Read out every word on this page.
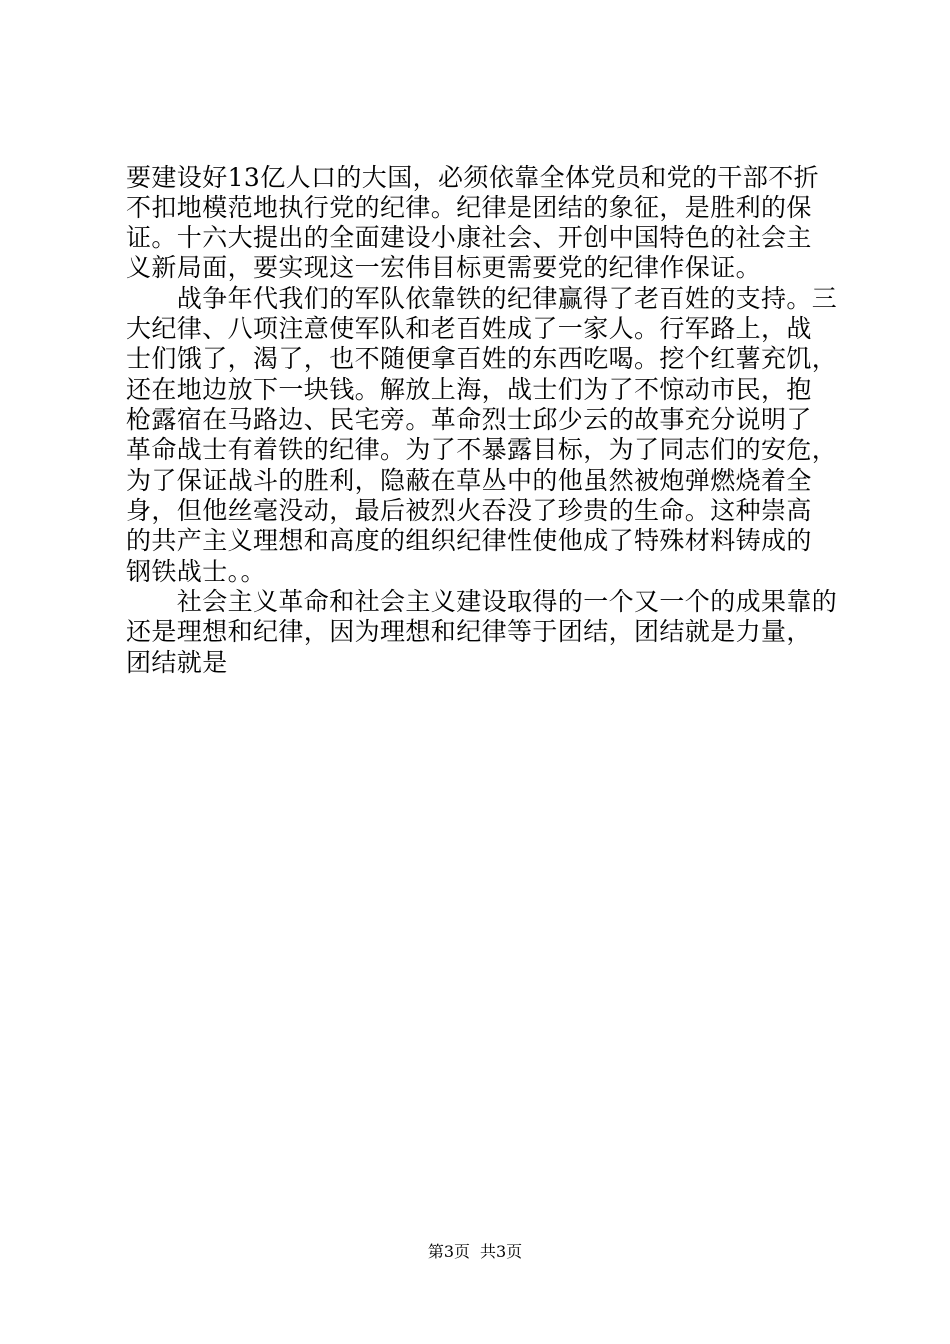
要建设好13亿人口的大国，必须依靠全体党员和党的干部不折
不扣地模范地执行党的纪律。纪律是团结的象征，是胜利的保
证。十六大提出的全面建设小康社会、开创中国特色的社会主
义新局面，要实现这一宏伟目标更需要党的纪律作保证。
　　战争年代我们的军队依靠铁的纪律赢得了老百姓的支持。三
大纪律、八项注意使军队和老百姓成了一家人。行军路上，战
士们饿了，渴了，也不随便拿百姓的东西吃喝。挖个红薯充饥，
还在地边放下一块钱。解放上海，战士们为了不惊动市民，抱
枪露宿在马路边、民宅旁。革命烈士邱少云的故事充分说明了
革命战士有着铁的纪律。为了不暴露目标，为了同志们的安危，
为了保证战斗的胜利，隐蔽在草丛中的他虽然被炮弹燃烧着全
身，但他丝毫没动，最后被烈火吞没了珍贵的生命。这种崇高
的共产主义理想和高度的组织纪律性使他成了特殊材料铸成的
钢铁战士。。
　　社会主义革命和社会主义建设取得的一个又一个的成果靠的
还是理想和纪律，因为理想和纪律等于团结，团结就是力量，
团结就是
第3页 共3页
